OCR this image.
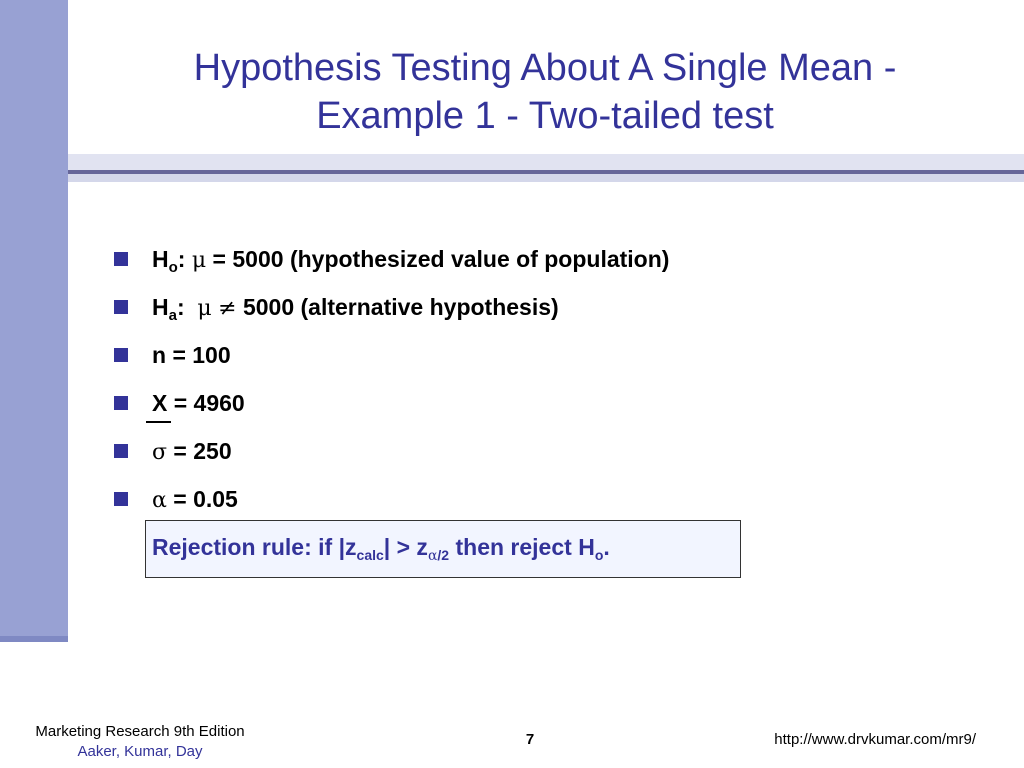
Hypothesis Testing About A Single Mean -
Example 1 - Two-tailed test
$H_o$: μ = 5000 (hypothesized value of population)
$H_a$: μ ≠ 5000 (alternative hypothesis)
n = 100
X = 4960
σ = 250
α = 0.05
Rejection rule: if $|z_{calc}| > z_{\alpha/2}$ then reject $H_o$.
Marketing Research 9th Edition
Aaker, Kumar, Day
7	http://www.drvkumar.com/mr9/
